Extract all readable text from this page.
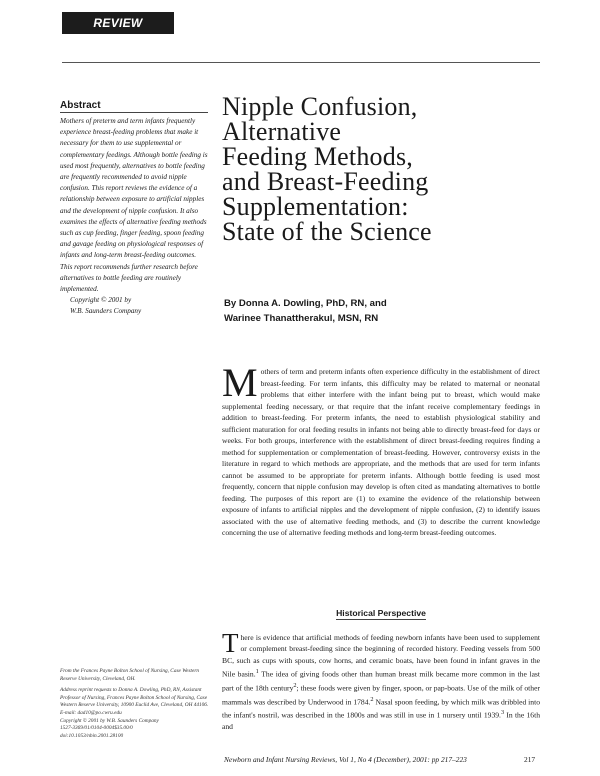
REVIEW
Abstract
Mothers of preterm and term infants frequently experience breast-feeding problems that make it necessary for them to use supplemental or complementary feedings. Although bottle feeding is used most frequently, alternatives to bottle feeding are frequently recommended to avoid nipple confusion. This report reviews the evidence of a relationship between exposure to artificial nipples and the development of nipple confusion. It also examines the effects of alternative feeding methods such as cup feeding, finger feeding, spoon feeding and gavage feeding on physiological responses of infants and long-term breast-feeding outcomes. This report recommends further research before alternatives to bottle feeding are routinely implemented.
Copyright © 2001 by
W.B. Saunders Company
Nipple Confusion,
Alternative
Feeding Methods,
and Breast-Feeding
Supplementation:
State of the Science
By Donna A. Dowling, PhD, RN, and
Warinee Thanattherakul, MSN, RN
Mothers of term and preterm infants often experience difficulty in the establishment of direct breast-feeding. For term infants, this difficulty may be related to maternal or neonatal problems that either interfere with the infant being put to breast, which would make supplemental feeding necessary, or that require that the infant receive complementary feedings in addition to breast-feeding. For preterm infants, the need to establish physiological stability and sufficient maturation for oral feeding results in infants not being able to directly breast-feed for days or weeks. For both groups, interference with the establishment of direct breast-feeding requires finding a method for supplementation or complementation of breast-feeding. However, controversy exists in the literature in regard to which methods are appropriate, and the methods that are used for term infants cannot be assumed to be appropriate for preterm infants. Although bottle feeding is used most frequently, concern that nipple confusion may develop is often cited as mandating alternatives to bottle feeding. The purposes of this report are (1) to examine the evidence of the relationship between exposure of infants to artificial nipples and the development of nipple confusion, (2) to identify issues associated with the use of alternative feeding methods, and (3) to describe the current knowledge concerning the use of alternative feeding methods and long-term breast-feeding outcomes.
Historical Perspective
There is evidence that artificial methods of feeding newborn infants have been used to supplement or complement breast-feeding since the beginning of recorded history. Feeding vessels from 500 BC, such as cups with spouts, cow horns, and ceramic boats, have been found in infant graves in the Nile basin.$^1$ The idea of giving foods other than human breast milk became more common in the last part of the 18th century$^2$; these foods were given by finger, spoon, or pap-boats. Use of the milk of other mammals was described by Underwood in 1784.$^2$ Nasal spoon feeding, by which milk was dribbled into the infant's nostril, was described in the 1800s and was still in use in 1 nursery until 1939.$^3$ In the 16th and

From the Frances Payne Bolton School of Nursing, Case Western Reserve University, Cleveland, OH.

Address reprint requests to Donna A. Dowling, PhD, RN, Assistant Professor of Nursing, Frances Payne Bolton School of Nursing, Case Western Reserve University, 10900 Euclid Ave, Cleveland, OH 44106. E-mail: dad10@po.cwru.edu

Copyright © 2001 by W.B. Saunders Company

1527-3369/01/0104-0004$35.00/0

doi:10.1053/nbin.2001.28100

Newborn and Infant Nursing Reviews, Vol 1, No 4 (December), 2001: pp 217–223	217
